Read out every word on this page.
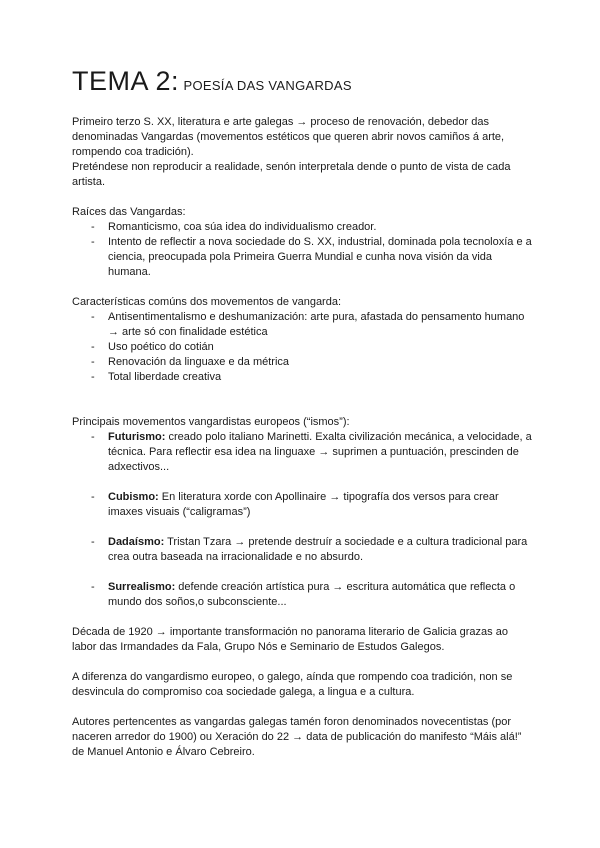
TEMA 2: POESÍA DAS VANGARDAS

Primeiro terzo S. XX, literatura e arte galegas → proceso de renovación, debedor das denominadas Vangardas (movementos estéticos que queren abrir novos camiños á arte, rompendo coa tradición).

Preténdese non reproducir a realidade, senón interpretala dende o punto de vista de cada artista.

Raíces das Vangardas:

- Romanticismo, coa súa idea do individualismo creador.
- Intento de reflectir a nova sociedade do S. XX, industrial, dominada pola tecnoloxía e a ciencia, preocupada pola Primeira Guerra Mundial e cunha nova visión da vida humana.

Características comúns dos movementos de vangarda:

- Antisentimentalismo e deshumanización: arte pura, afastada do pensamento humano → arte só con finalidade estética
- Uso poético do cotián
- Renovación da linguaxe e da métrica
- Total liberdade creativa

Principais movementos vangardistas europeos (“ismos”):

- Futurismo: creado polo italiano Marinetti. Exalta civilización mecánica, a velocidade, a técnica. Para reflectir esa idea na linguaxe → suprimen a puntuación, prescinden de adxectivos...
- Cubismo: En literatura xorde con Apollinaire → tipografía dos versos para crear imaxes visuais (“caligramas”)
- Dadaísmo: Tristan Tzara → pretende destruír a sociedade e a cultura tradicional para crea outra baseada na irracionalidade e no absurdo.
- Surrealismo: defende creación artística pura → escritura automática que reflecta o mundo dos soños,o subconsciente...

Década de 1920 → importante transformación no panorama literario de Galicia grazas ao labor das Irmandades da Fala, Grupo Nós e Seminario de Estudos Galegos.

A diferenza do vangardismo europeo, o galego, aínda que rompendo coa tradición, non se desvincula do compromiso coa sociedade galega, a lingua e a cultura.

Autores pertencentes as vangardas galegas tamén foron denominados novecentistas (por naceren arredor do 1900) ou Xeración do 22 → data de publicación do manifesto “Máis alá!” de Manuel Antonio e Álvaro Cebreiro.
